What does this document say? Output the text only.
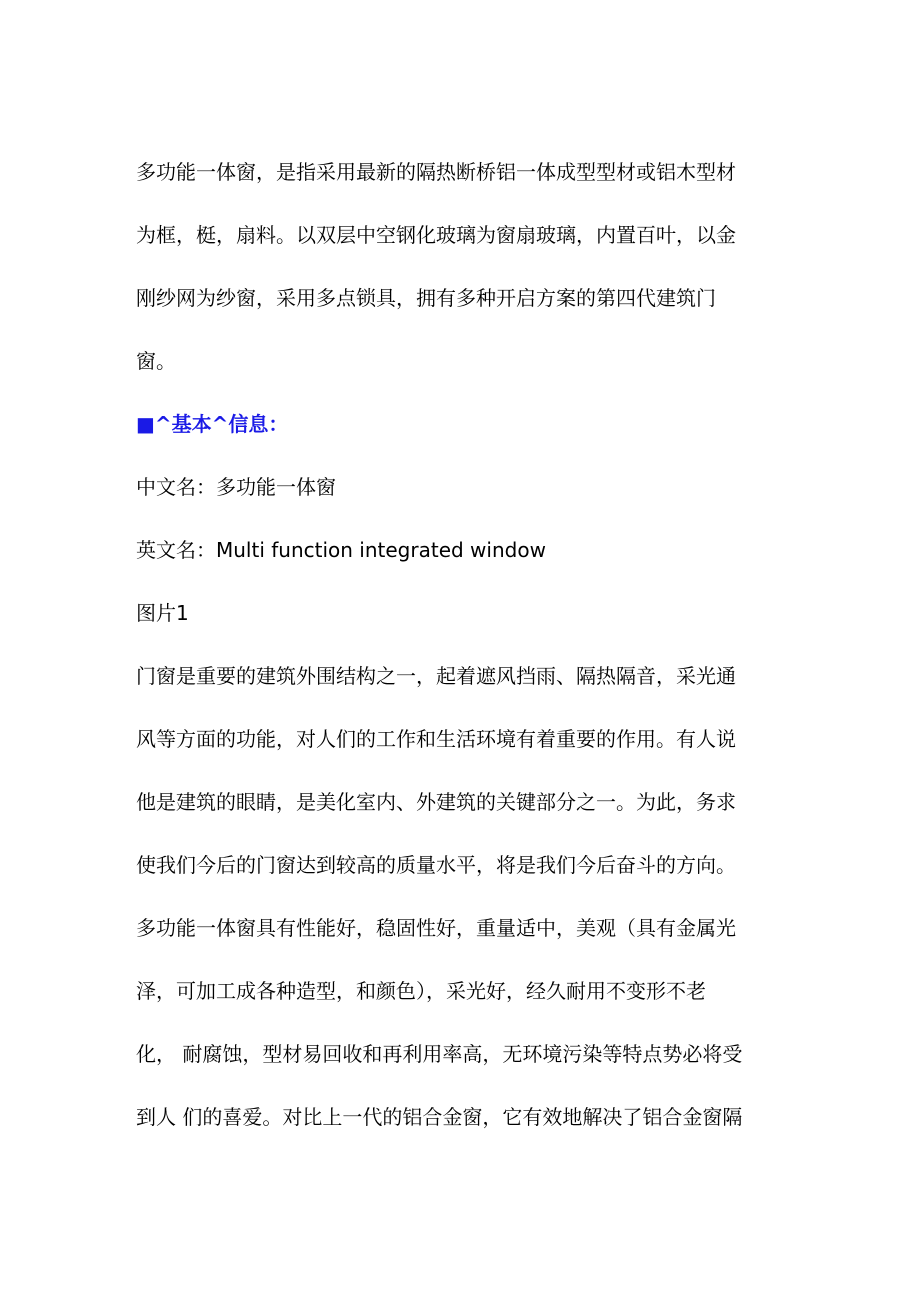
多功能一体窗，是指采用最新的隔热断桥铝一体成型型材或铝木型材
为框，梃，扇料。以双层中空钢化玻璃为窗扇玻璃，内置百叶，以金
刚纱网为纱窗，采用多点锁具，拥有多种开启方案的第四代建筑门
窗。
■^基本^信息：
中文名：多功能一体窗
英文名：Multi function integrated window
图片1
门窗是重要的建筑外围结构之一，起着遮风挡雨、隔热隔音，采光通
风等方面的功能，对人们的工作和生活环境有着重要的作用。有人说
他是建筑的眼睛，是美化室内、外建筑的关键部分之一。为此，务求
使我们今后的门窗达到较高的质量水平，将是我们今后奋斗的方向。
多功能一体窗具有性能好，稳固性好，重量适中，美观（具有金属光
泽，可加工成各种造型，和颜色），采光好，经久耐用不变形不老
化， 耐腐蚀，型材易回收和再利用率高，无环境污染等特点势必将受
到人 们的喜爱。对比上一代的铝合金窗，它有效地解决了铝合金窗隔
